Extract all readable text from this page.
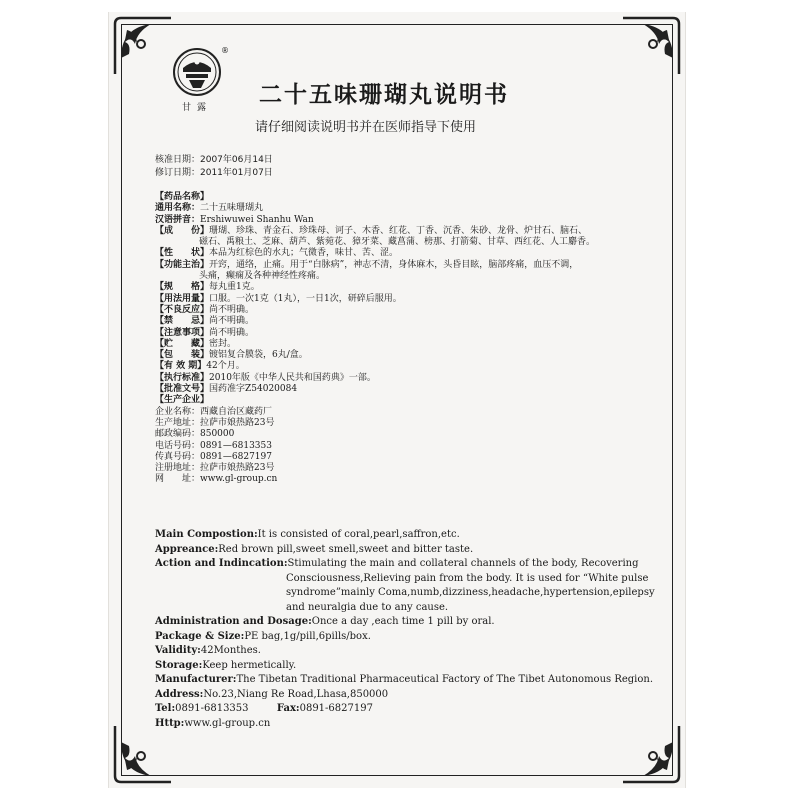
®
甘露	二十五味珊瑚丸说明书
请仔细阅读说明书并在医师指导下使用
核准日期：2007年06月14日
修订日期：2011年01月07日
【药品名称】
通用名称： 二十五味珊瑚丸
汉语拼音： Ershiwuwei Shanhu Wan
【成　　份】 珊瑚、珍珠、青金石、珍珠母、诃子、木香、红花、丁香、沉香、朱砂、龙骨、炉甘石、脑石、
磁石、禹粮土、芝麻、葫芦、紫菀花、獐牙菜、藏菖蒲、榜那、打箭菊、甘草、西红花、人工麝香。
【性　　状】 本品为红棕色的水丸；气微香，味甘、苦、涩。
【功能主治】 开窍，通络，止痛。用于“白脉病”，神志不清，身体麻木，头昏目眩，脑部疼痛，血压不调，
头痛，癫痫及各种神经性疼痛。
【规　　格】 每丸重1克。
【用法用量】 口服。一次1克（1丸），一日1次，研碎后服用。
【不良反应】 尚不明确。
【禁　　忌】 尚不明确。
【注意事项】 尚不明确。
【贮　　藏】 密封。
【包　　装】 镀铝复合膜袋，6丸/盒。
【有 效 期】 42个月。
【执行标准】 2010年版《中华人民共和国药典》一部。
【批准文号】 国药准字Z54020084
【生产企业】
企业名称：西藏自治区藏药厂
生产地址：拉萨市娘热路23号
邮政编码：850000
电话号码：0891—6813353
传真号码：0891—6827197
注册地址：拉萨市娘热路23号
网　　址：www.gl-group.cn
Main Compostion:It is consisted of coral,pearl,saffron,etc.
Appreance:Red brown pill,sweet smell,sweet and bitter taste.
Action and Indincation:Stimulating the main and collateral channels of the body, Recovering
Consciousness,Relieving pain from the body. It is used for “White pulse
syndrome”mainly Coma,numb,dizziness,headache,hypertension,epilepsy
and neuralgia due to any cause.
Administration and Dosage:Once a day ,each time 1 pill by oral.
Package & Size:PE bag,1g/pill,6pills/box.
Validity:42Monthes.
Storage:Keep hermetically.
Manufacturer:The Tibetan Traditional Pharmaceutical Factory of The Tibet Autonomous Region.
Address:No.23,Niang Re Road,Lhasa,850000
Tel:0891-6813353	Fax:0891-6827197
Http:www.gl-group.cn
